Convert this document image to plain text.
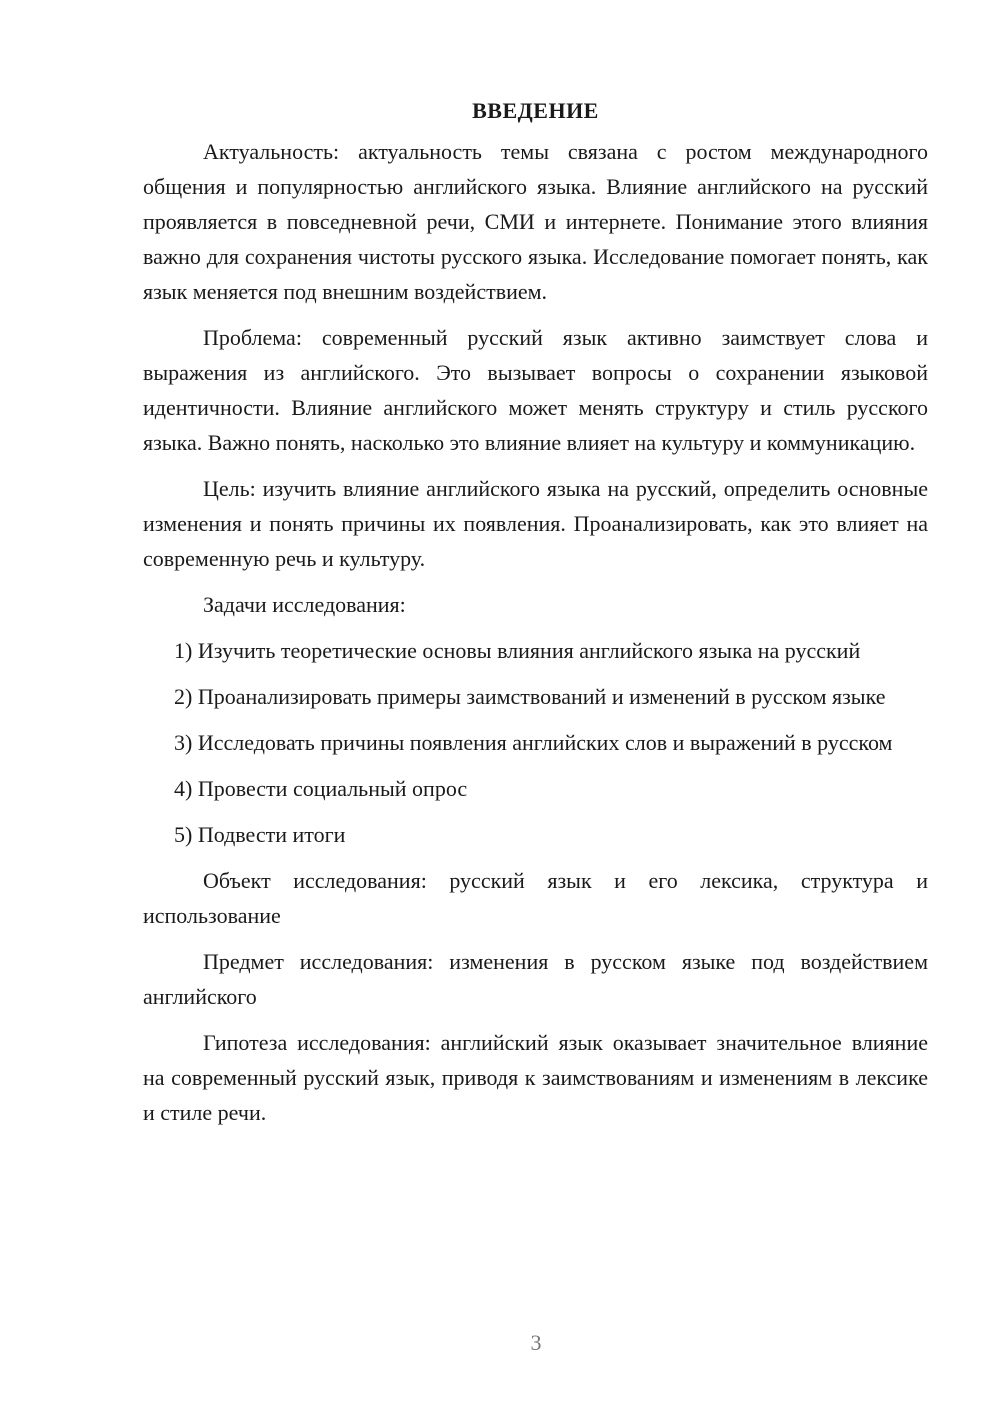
ВВЕДЕНИЕ

Актуальность: актуальность темы связана с ростом международного общения и популярностью английского языка. Влияние английского на русский проявляется в повседневной речи, СМИ и интернете. Понимание этого влияния важно для сохранения чистоты русского языка. Исследование помогает понять, как язык меняется под внешним воздействием.

Проблема: современный русский язык активно заимствует слова и выражения из английского. Это вызывает вопросы о сохранении языковой идентичности. Влияние английского может менять структуру и стиль русского языка. Важно понять, насколько это влияние влияет на культуру и коммуникацию.

Цель: изучить влияние английского языка на русский, определить основные изменения и понять причины их появления. Проанализировать, как это влияет на современную речь и культуру.

Задачи исследования:

1) Изучить теоретические основы влияния английского языка на русский

2) Проанализировать примеры заимствований и изменений в русском языке

3) Исследовать причины появления английских слов и выражений в русском

4) Провести социальный опрос

5) Подвести итоги

Объект исследования: русский язык и его лексика, структура и использование

Предмет исследования: изменения в русском языке под воздействием английского

Гипотеза исследования: английский язык оказывает значительное влияние на современный русский язык, приводя к заимствованиям и изменениям в лексике и стиле речи.

3
